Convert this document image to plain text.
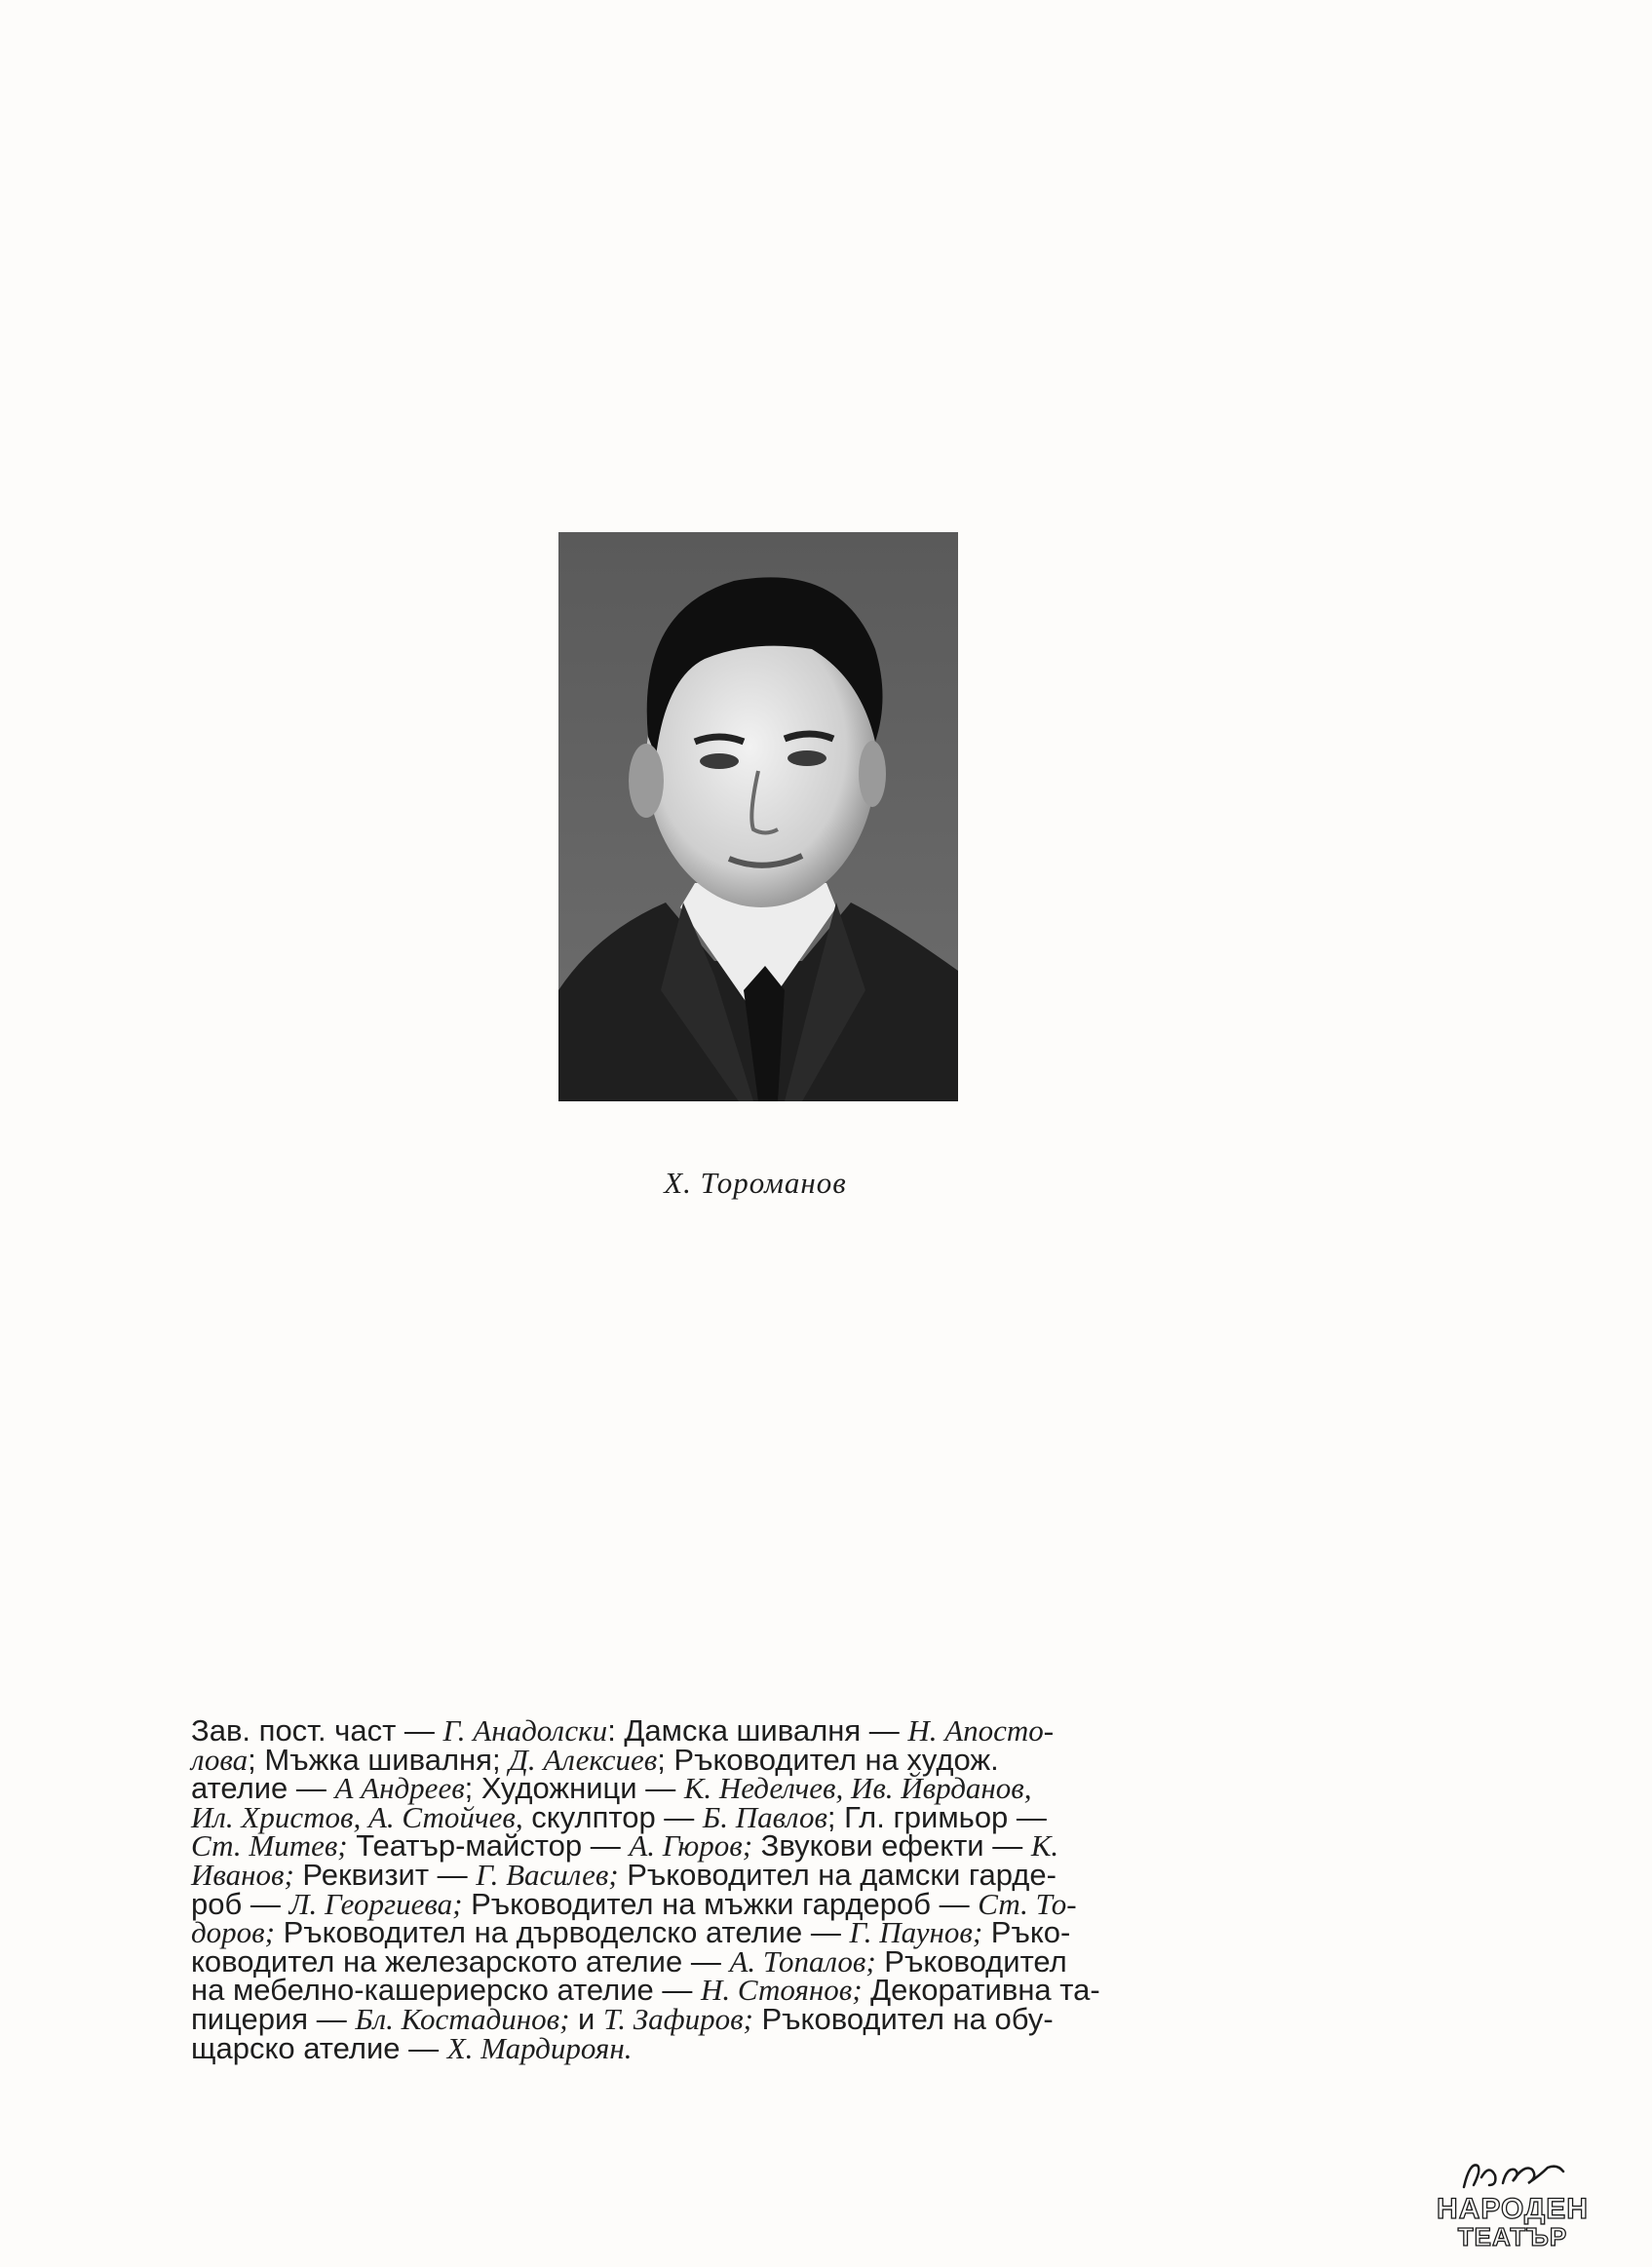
Х. Тороманов
Зав. пост. част — Г. Анадолски: Дамска шивалня — Н. Апосто-
лова; Мъжка шивалня; Д. Алексиев; Ръководител на худож.
ателие — А Андреев; Художници — К. Неделчев, Ив. Йврданов,
Ил. Христов, А. Стойчев, скулптор — Б. Павлов; Гл. гримьор —
Ст. Митев; Театър-майстор — А. Гюров; Звукови ефекти — К.
Иванов; Реквизит — Г. Василев; Ръководител на дамски гарде-
роб — Л. Георгиева; Ръководител на мъжки гардероб — Ст. То-
доров; Ръководител на дърводелско ателие — Г. Паунов; Ръко-
ководител на железарското ателие — А. Топалов; Ръководител
на мебелно-кашериерско ателие — Н. Стоянов; Декоративна та-
пицерия — Бл. Костадинов; и Т. Зафиров; Ръководител на обу-
щарско ателие — Х. Мардироян.
НАРОДЕН
ТЕАТЪР
